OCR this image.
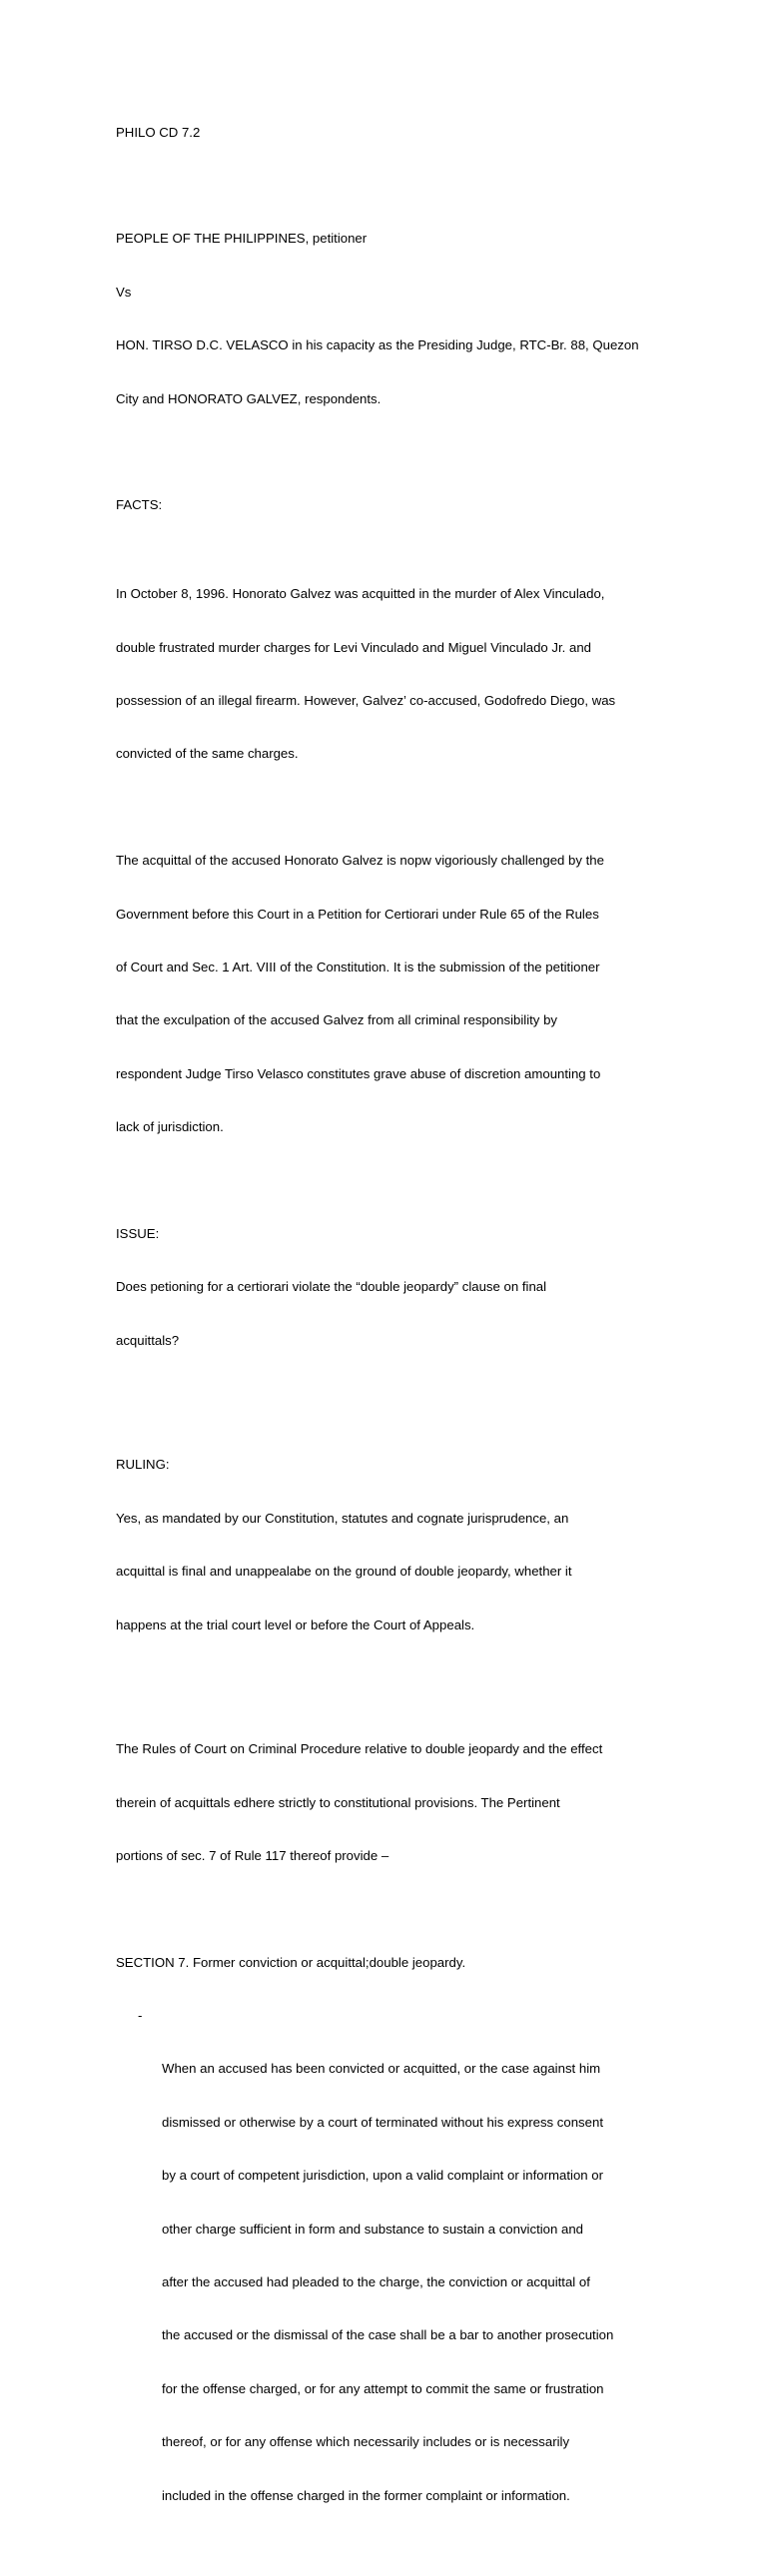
PHILO CD 7.2

PEOPLE OF THE PHILIPPINES, petitioner

Vs

HON. TIRSO D.C. VELASCO in his capacity as the Presiding Judge, RTC-Br. 88, Quezon

City and HONORATO GALVEZ, respondents.

FACTS:

In October 8, 1996. Honorato Galvez was acquitted in the murder of Alex Vinculado,

double frustrated murder charges for Levi Vinculado and Miguel Vinculado Jr. and

possession of an illegal firearm. However, Galvez’ co-accused, Godofredo Diego, was

convicted of the same charges.

The acquittal of the accused Honorato Galvez is nopw vigoriously challenged by the

Government before this Court in a Petition for Certiorari under Rule 65 of the Rules

of Court and Sec. 1 Art. VIII of the Constitution. It is the submission of the petitioner

that the exculpation of the accused Galvez from all criminal responsibility by

respondent Judge Tirso Velasco constitutes grave abuse of discretion amounting to

lack of jurisdiction.

ISSUE:

Does petioning for a certiorari violate the “double jeopardy” clause on final

acquittals?

RULING:

Yes, as mandated by our Constitution, statutes and cognate jurisprudence, an

acquittal is final and unappealabe on the ground of double jeopardy, whether it

happens at the trial court level or before the Court of Appeals.

The Rules of Court on Criminal Procedure relative to double jeopardy and the effect

therein of acquittals edhere strictly to constitutional provisions. The Pertinent

portions of sec. 7 of Rule 117 thereof provide –

SECTION 7. Former conviction or acquittal;double jeopardy.

-

When an accused has been convicted or acquitted, or the case against him

dismissed or otherwise by a court of terminated without his express consent

by a court of competent jurisdiction, upon a valid complaint or information or

other charge sufficient in form and substance to sustain a conviction and

after the accused had pleaded to the charge, the conviction or acquittal of

the accused or the dismissal of the case shall be a bar to another prosecution

for the offense charged, or for any attempt to commit the same or frustration

thereof, or for any offense which necessarily includes or is necessarily

included in the offense charged in the former complaint or information.
